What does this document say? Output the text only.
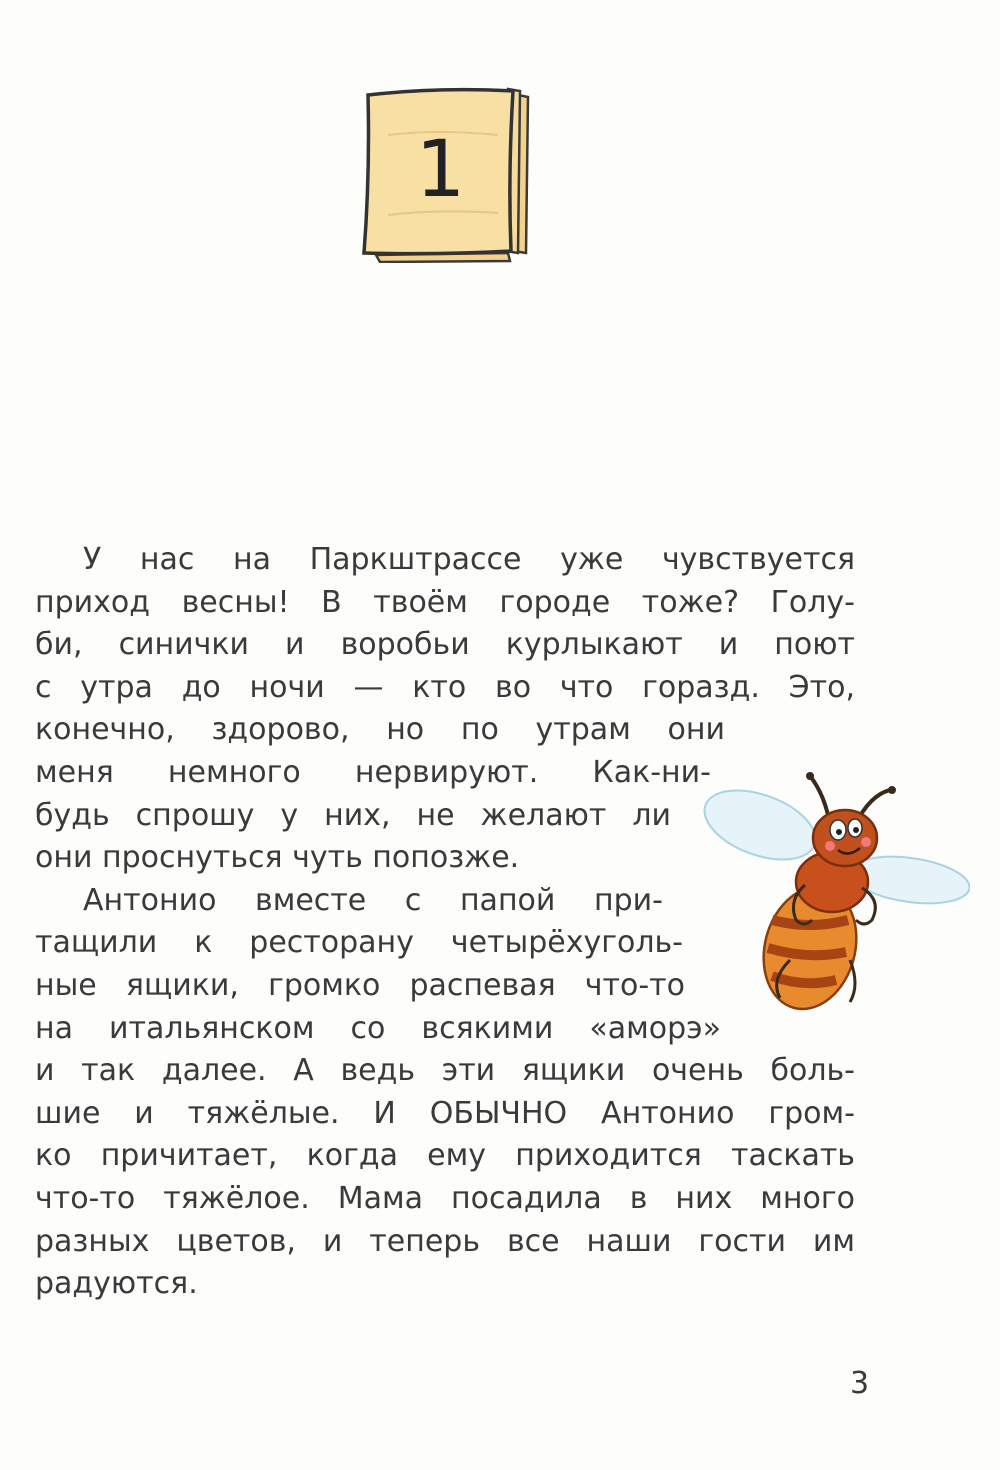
1
У нас на Паркштрассе уже чувствуется
приход весны! В твоём городе тоже? Голу-
би, синички и воробьи курлыкают и поют
с утра до ночи — кто во что горазд. Это,
конечно, здорово, но по утрам они
меня немного нервируют. Как-ни-
будь спрошу у них, не желают ли
они проснуться чуть попозже.
Антонио вместе с папой при-
тащили к ресторану четырёхуголь-
ные ящики, громко распевая что-то
на итальянском со всякими «аморэ»
и так далее. А ведь эти ящики очень боль-
шие и тяжёлые. И ОБЫЧНО Антонио гром-
ко причитает, когда ему приходится таскать
что-то тяжёлое. Мама посадила в них много
разных цветов, и теперь все наши гости им
радуются.
3
